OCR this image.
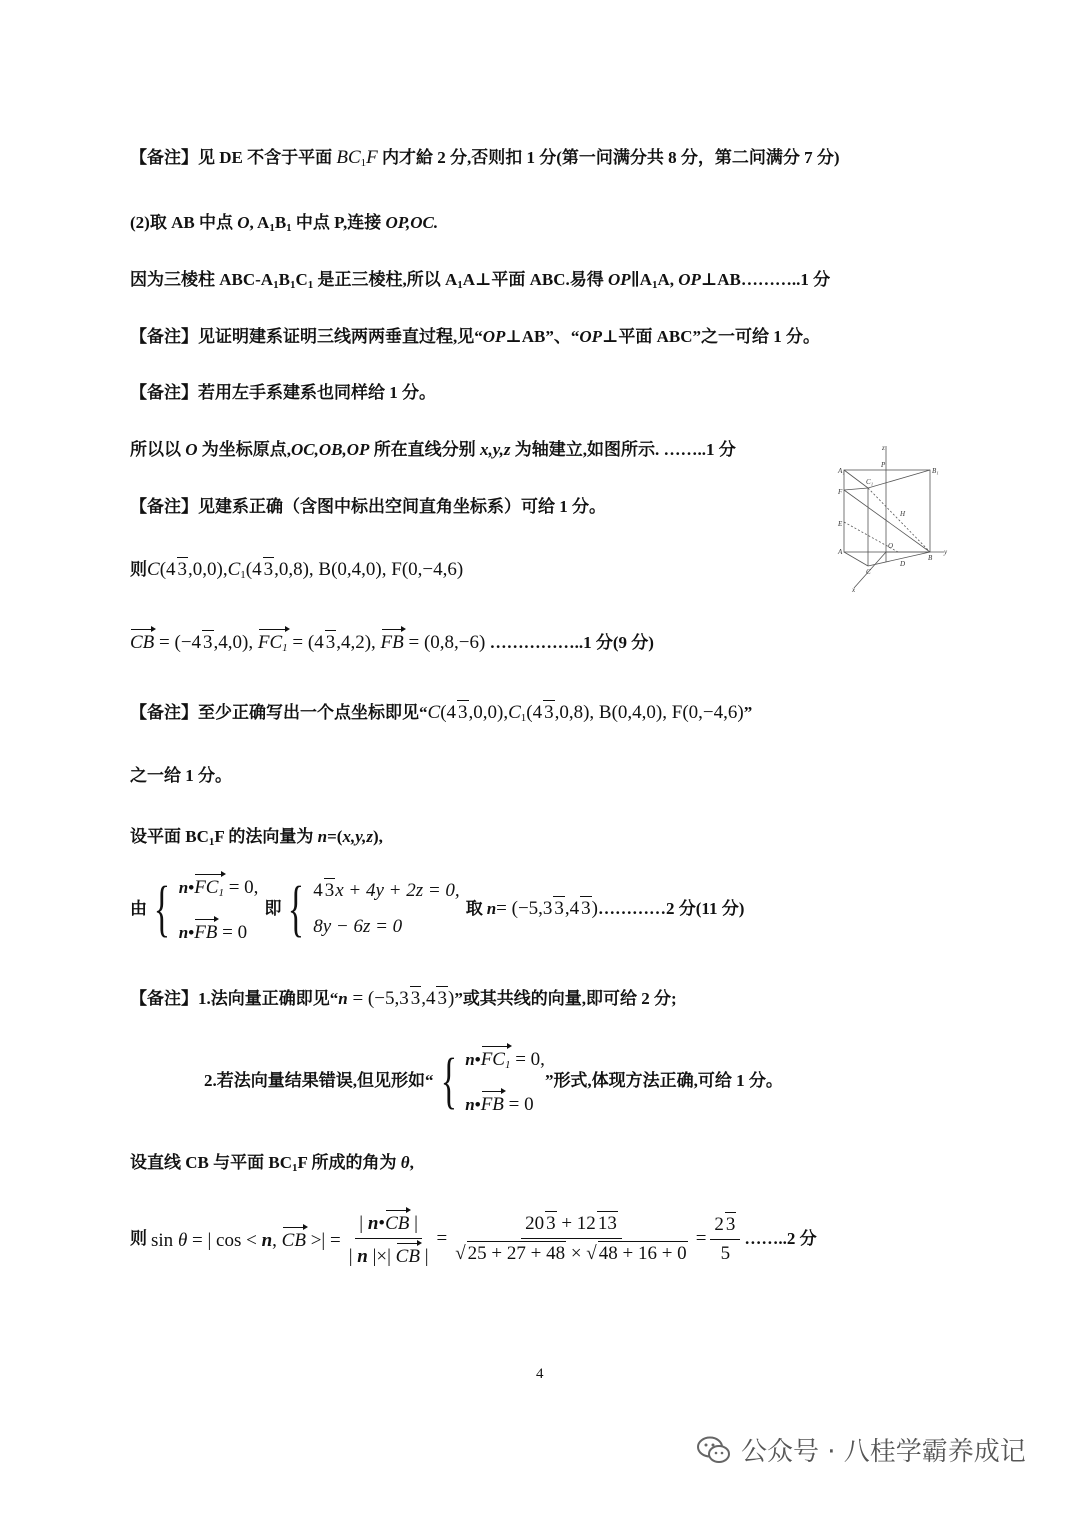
【备注】见 DE 不含于平面 $BC_1F$ 内才給 2 分,否则扣 1 分(第一问满分共 8 分，第二问满分 7 分)
(2)取 AB 中点 O, $A_1B_1$ 中点 P,连接 OP,OC.
因为三棱柱 ABC-$A_1B_1C_1$ 是正三棱柱,所以 $A_1A\perp$平面 ABC.易得 $OP\parallel A_1A$, OP⊥AB………..1 分
【备注】见证明建系证明三线两两垂直过程,见“OP⊥AB”、“OP⊥平面 ABC”之一可给 1 分。
【备注】若用左手系建系也同样给 1 分。
所以以 O 为坐标原点,OC,OB,OP 所在直线分别 x,y,z 为轴建立,如图所示. ……..1 分
【备注】见建系正确（含图中标出空间直角坐标系）可给 1 分。
则C(4 $3,0,0),C_1(4$ 3,0,8), B(0,4,0), F(0,−4,6)
CB = (−4 3,4,0), $FC_1 = (4$ 3,4,2), FB = (0,8,−6) ……………..1 分(9 分)
【备注】至少正确写出一个点坐标即见“C(4 $3,0,0),C_1(4$ 3,0,8), B(0,4,0), F(0,−4,6)”
之一给 1 分。
设平面 $BC_1F$ 的法向量为 n=(x,y,z),
由 { $n•FC_1 = 0$,
n•FB = 0
即 { 4 3x + 4y + 2z = 0,
8y − 6z = 0
取 n = (−5,3 3 ,4 3 ) …………2 分(11 分)
【备注】1.法向量正确即见“n = (−5,3 3,4 3)”或其共线的向量,即可给 2 分;
2.若法向量结果错误,但见形如“ { $n•FC_1 = 0$,
n•FB = 0
”形式,体现方法正确,可给 1 分。
设直线 CB 与平面 $BC_1F$ 所成的角为 θ,
则 sin θ = | cos < n, CB >| = $\frac{| n•CB |}{| n |\times| CB |} = \frac{20 3 + 12 13}{√ 25 + 27 + 48 \times √ 48 + 16 + 0} = \frac{2 3}{5}$ ……..2 分
z
P
A₁	B₁
C₁
F
H
E
O
A
B
y
C
D
x
4
公众号 · 八桂学霸养成记
